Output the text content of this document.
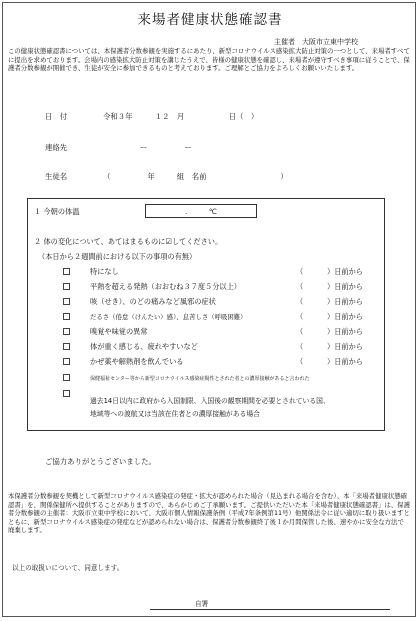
来場者健康状態確認書
主催者　大阪市立東中学校
この健康状態確認書については、本保護者分数参観を実施するにあたり、新型コロナウイルス感染拡大防止対策の一つとして、来場者すべてに提出を求めております。会場内の感染拡大防止対策を講じたうえで、皆様の健康状態を確認し、来場者が遵守すべき事項に従うことで、保護者分数参観が開催でき、生徒が安全に参加できるものと考えております。ご理解とご協力をよろしくお願いいたします。
日　付	令和３年　　　１２　月　　　　　　日（　）
連絡先	ー　　　　　ー
生徒名	（　　　　　年　　　組　名前　　　　　　　　　　）
１ 今朝の体温	.　　　℃
２ 体の変化について、あてはまるものに☑してください。
（本日から２週間前における以下の事項の有無）
特になし	（	）日前から
平熱を超える発熱（おおむね３７度５分以上）	（	）日前から
咳（せき）、のどの痛みなど風邪の症状	（	）日前から
だるさ（倦怠（けんたい）感）、息苦しさ（呼吸困難）	（	）日前から
嗅覚や味覚の異常	（	）日前から
体が重く感じる、疲れやすいなど	（	）日前から
かぜ薬や解熱剤を飲んでいる	（	）日前から
保健福祉センター等から新型コロナウイルス感染症陽性とされた者との濃厚接触があると言われた
過去14日以内に政府から入国制限、入国後の観察期間を必要とされている国、
地域等への渡航又は当該在住者との濃厚接触がある場合
ご協力ありがとうございました。
本保護者分数参観を契機として新型コロナウイルス感染症の発症・拡大が認められた場合（見込まれる場合を含む）、本「来場者健康状態確認書」を、関係保健所へ提供することがありますので、あらかじめご了承願います。ご提供いただいた本「来場者健康状態確認書」は、保護者分数参観の主催者：大阪市立東中学校において、大阪市個人情報保護条例（平成7年条例第11号）他関係法令に従い適切に取り扱いますとともに、新型コロナウイルス感染症の発症などが認められない場合は、保護者分数参観終了後１か月間保管した後、速やかに安全な方法で廃棄します。
以上の取扱いについて、同意します。
自署
